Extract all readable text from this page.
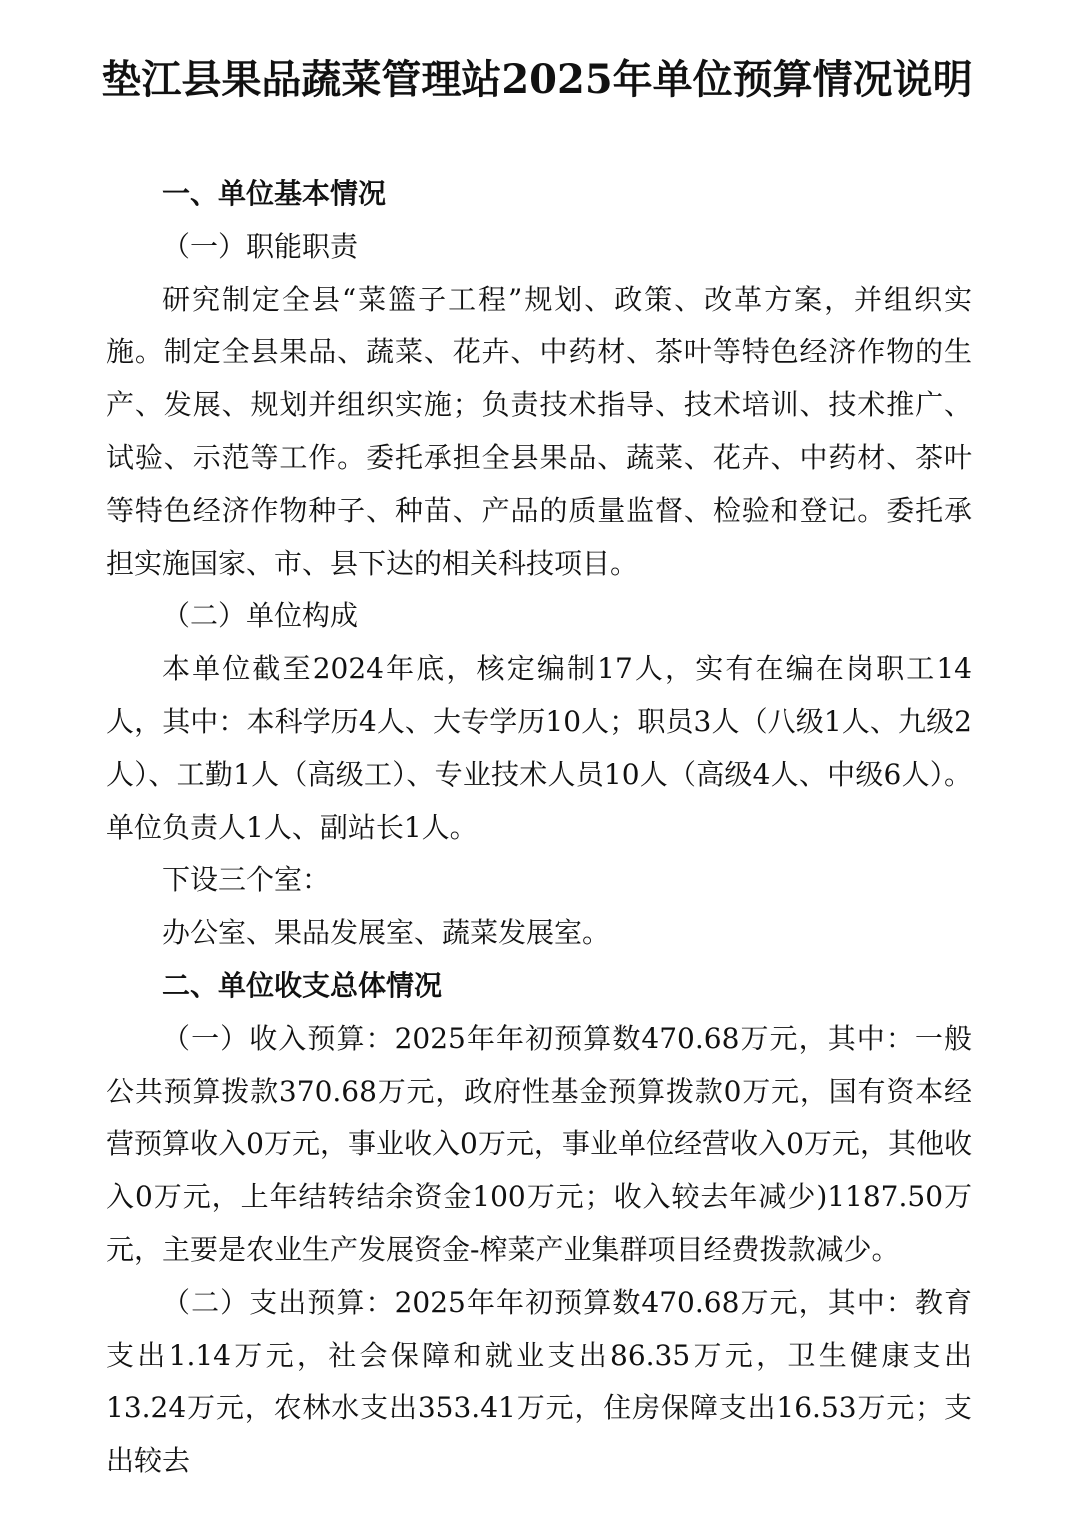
垫江县果品蔬菜管理站2025年单位预算情况说明

一、单位基本情况

（一）职能职责

研究制定全县“菜篮子工程”规划、政策、改革方案，并组织实施。制定全县果品、蔬菜、花卉、中药材、茶叶等特色经济作物的生产、发展、规划并组织实施；负责技术指导、技术培训、技术推广、试验、示范等工作。委托承担全县果品、蔬菜、花卉、中药材、茶叶等特色经济作物种子、种苗、产品的质量监督、检验和登记。委托承担实施国家、市、县下达的相关科技项目。

（二）单位构成

本单位截至2024年底，核定编制17人，实有在编在岗职工14人，其中：本科学历4人、大专学历10人；职员3人（八级1人、九级2人）、工勤1人（高级工）、专业技术人员10人（高级4人、中级6人）。单位负责人1人、副站长1人。

下设三个室：

办公室、果品发展室、蔬菜发展室。

二、单位收支总体情况

（一）收入预算：2025年年初预算数470.68万元，其中：一般公共预算拨款370.68万元，政府性基金预算拨款0万元，国有资本经营预算收入0万元，事业收入0万元，事业单位经营收入0万元，其他收入0万元，上年结转结余资金100万元；收入较去年减少)1187.50万元，主要是农业生产发展资金-榨菜产业集群项目经费拨款减少。

（二）支出预算：2025年年初预算数470.68万元，其中：教育支出1.14万元，社会保障和就业支出86.35万元，卫生健康支出13.24万元，农林水支出353.41万元，住房保障支出16.53万元；支出较去
